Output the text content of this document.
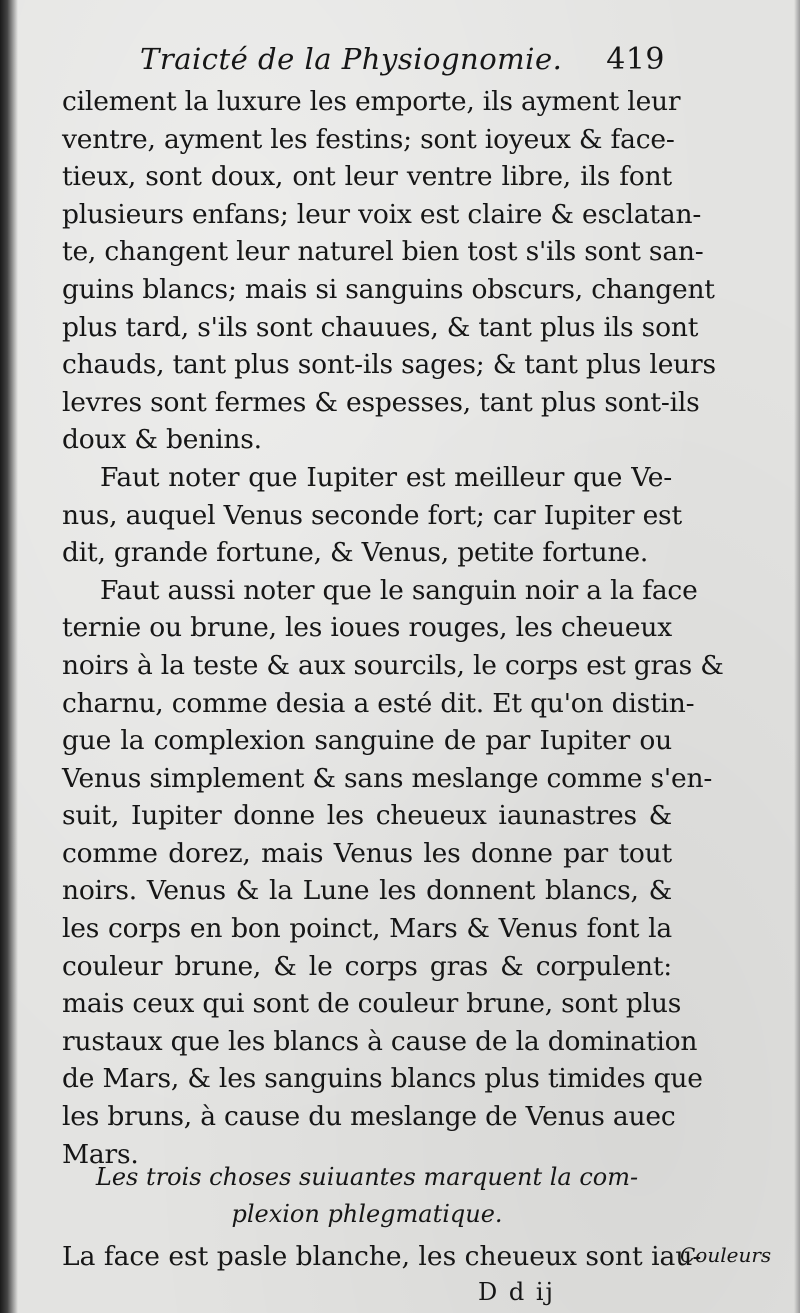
Traicté de la Physiognomie. 419
cilement la luxure les emporte, ils ayment leur
ventre, ayment les festins; sont ioyeux & face-
tieux, sont doux, ont leur ventre libre, ils font
plusieurs enfans; leur voix est claire & esclatan-
te, changent leur naturel bien tost s'ils sont san-
guins blancs; mais si sanguins obscurs, changent
plus tard, s'ils sont chauues, & tant plus ils sont
chauds, tant plus sont-ils sages; & tant plus leurs
levres sont fermes & espesses, tant plus sont-ils
doux & benins.
Faut noter que Iupiter est meilleur que Ve-
nus, auquel Venus seconde fort; car Iupiter est
dit, grande fortune, & Venus, petite fortune.
Faut aussi noter que le sanguin noir a la face
ternie ou brune, les ioues rouges, les cheueux
noirs à la teste & aux sourcils, le corps est gras &
charnu, comme desia a esté dit. Et qu'on distin-
gue la complexion sanguine de par Iupiter ou
Venus simplement & sans meslange comme s'en-
suit, Iupiter donne les cheueux iaunastres &
comme dorez, mais Venus les donne par tout
noirs. Venus & la Lune les donnent blancs, &
les corps en bon poinct, Mars & Venus font la
couleur brune, & le corps gras & corpulent:
mais ceux qui sont de couleur brune, sont plus
rustaux que les blancs à cause de la domination
de Mars, & les sanguins blancs plus timides que
les bruns, à cause du meslange de Venus auec
Mars.
Les trois choses suiuantes marquent la com-
plexion phlegmatique.
La face est pasle blanche, les cheueux sont iau-
Couleurs
D d ij
